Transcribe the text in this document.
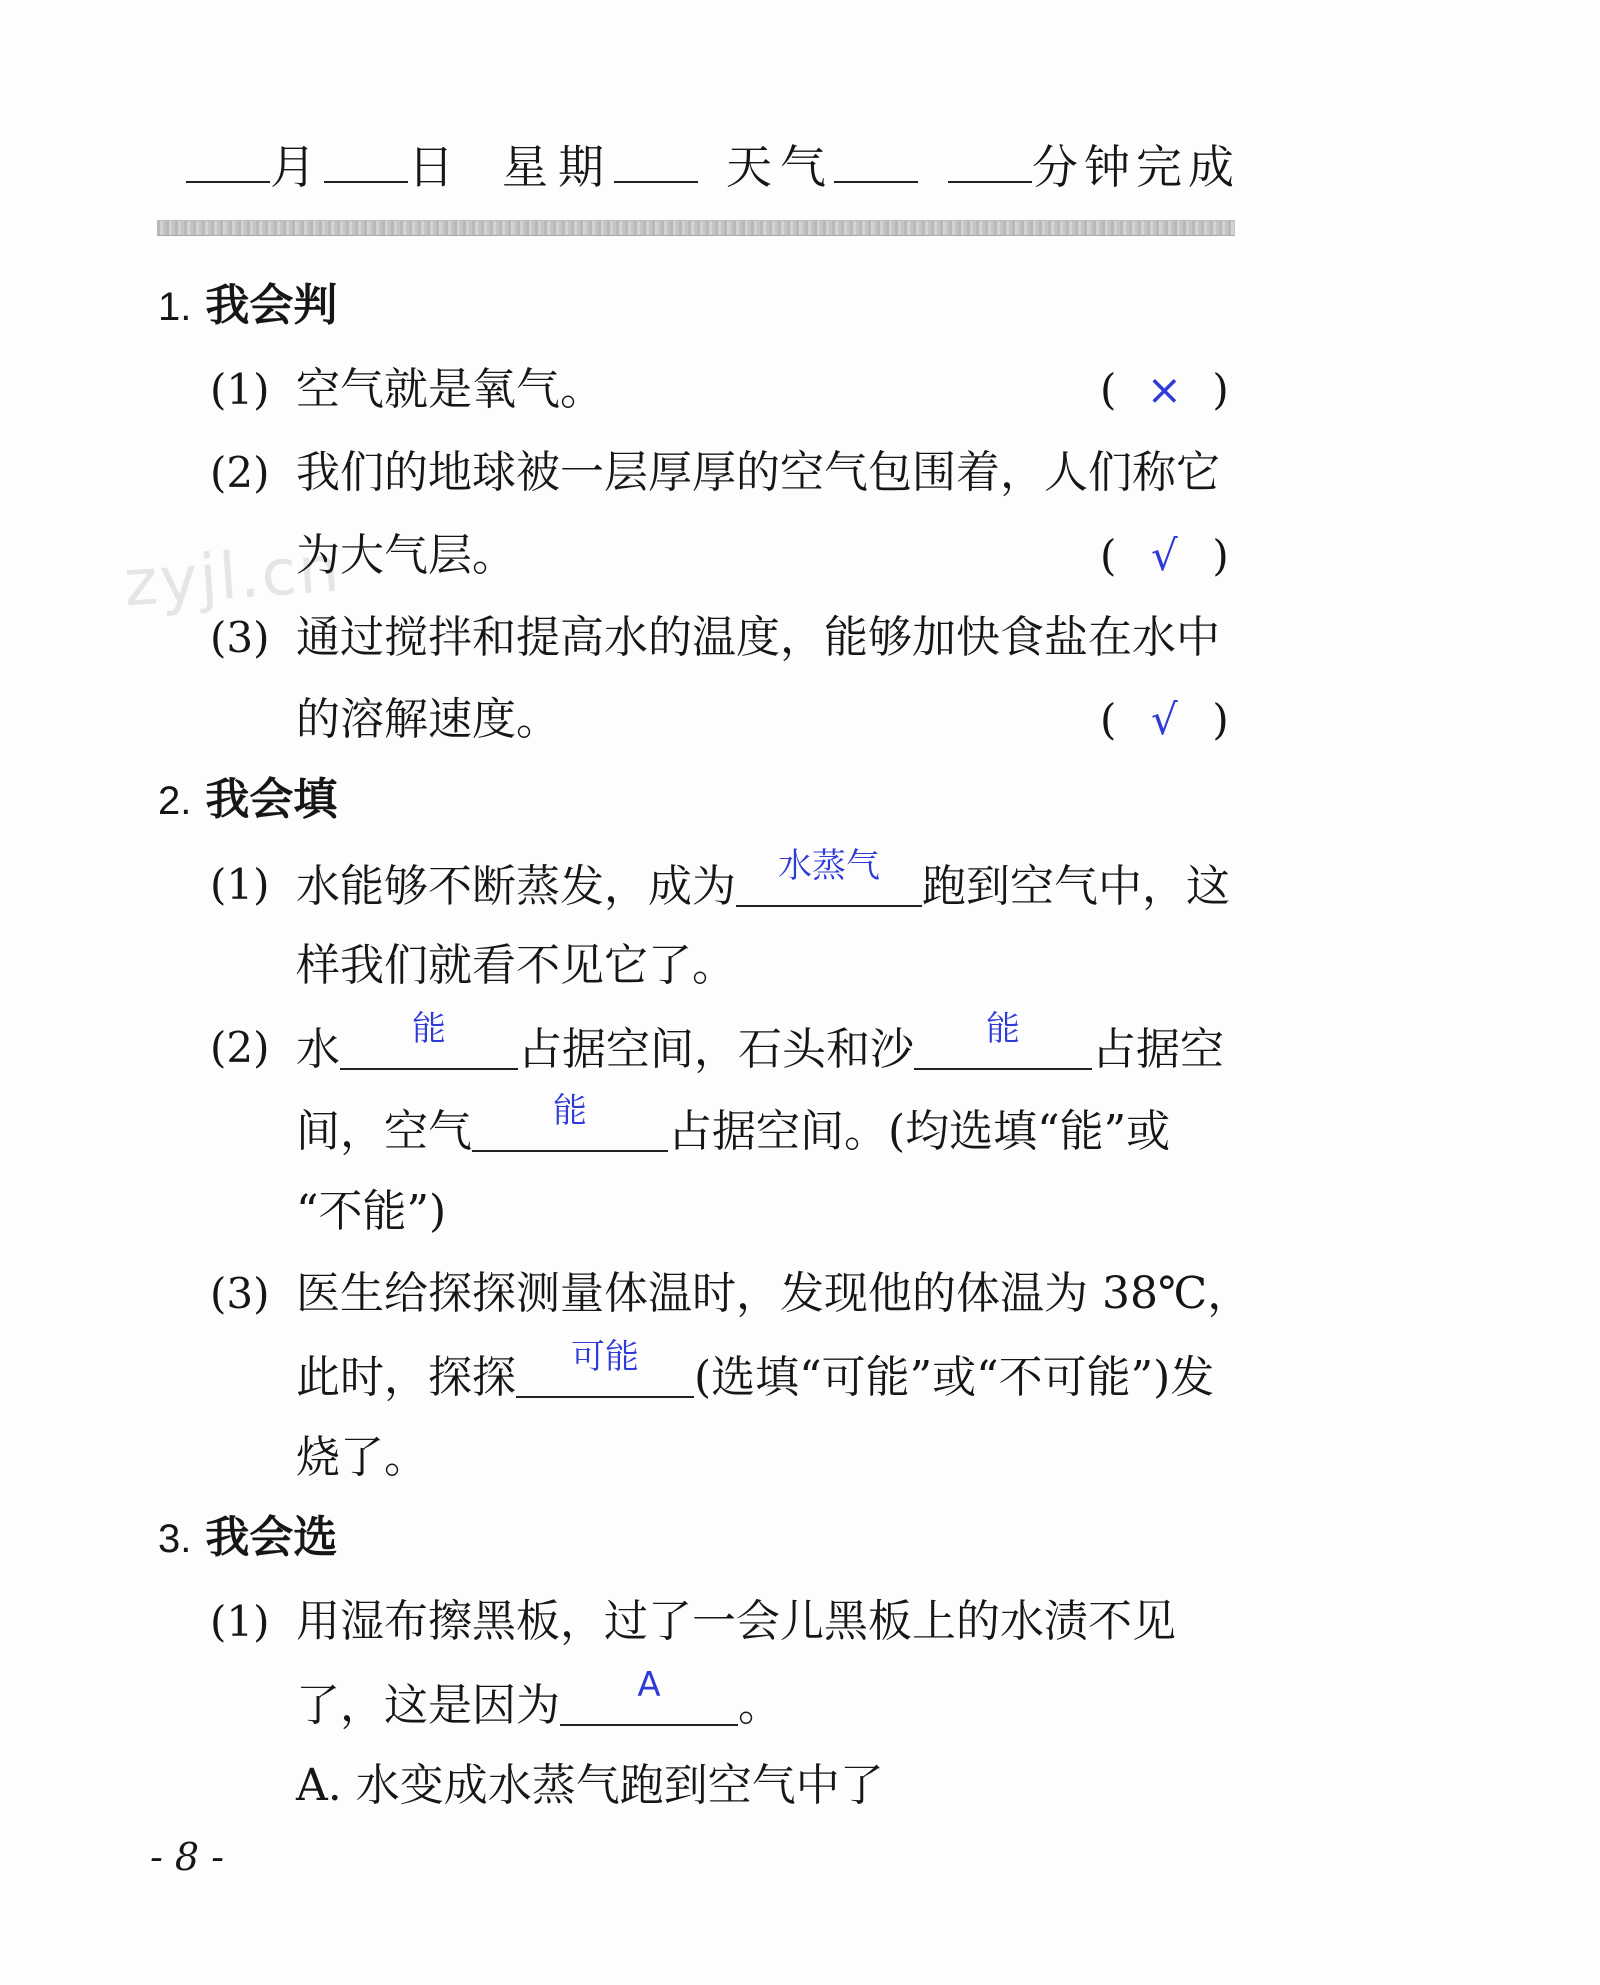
月	日 星期	天气	分钟完成
zyjl.cn
1. 我会判
(1) 空气就是氧气。	( × )
(2) 我们的地球被一层厚厚的空气包围着，人们称它
为大气层。	( √ )
(3) 通过搅拌和提高水的温度，能够加快食盐在水中
的溶解速度。	( √ )
2. 我会填
(1) 水能够不断蒸发，成为	水蒸气 跑到空气中，这
样我们就看不见它了。
(2) 水	能	占据空间，石头和沙	能	占据空
间，空气	能	占据空间。(均选填“能”或
“不能”)
(3) 医生给探探测量体温时，发现他的体温为 38℃，
此时，探探	可能	(选填“可能”或“不可能”)发
烧了。
3. 我会选
(1) 用湿布擦黑板，过了一会儿黑板上的水渍不见
了，这是因为	A	。
A. 水变成水蒸气跑到空气中了
- 8 -
